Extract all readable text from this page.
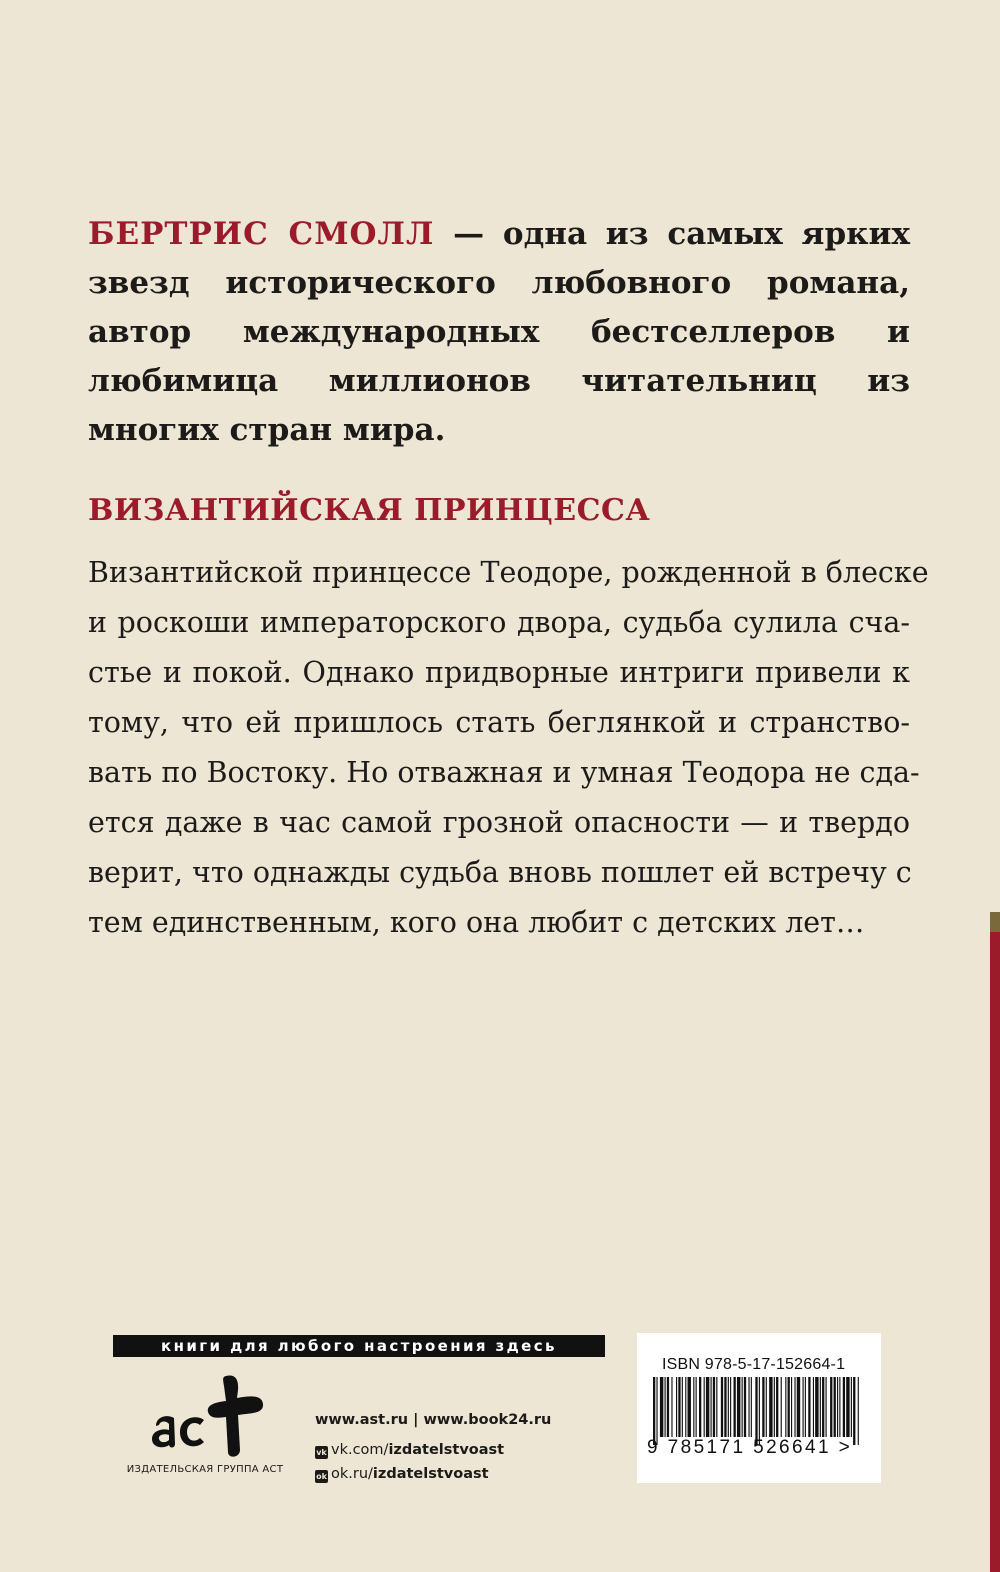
БЕРТРИС СМОЛЛ — одна из самых ярких звезд исторического любовного романа, автор международных бестселлеров и любимица миллионов читательниц из многих стран мира.

ВИЗАНТИЙСКАЯ ПРИНЦЕССА

Византийской принцессе Теодоре, рожденной в блеске
и роскоши императорского двора, судьба сулила сча-
стье и покой. Однако придворные интриги привели к
тому, что ей пришлось стать беглянкой и странство-
вать по Востоку. Но отважная и умная Теодора не сда-
ется даже в час самой грозной опасности — и твердо
верит, что однажды судьба вновь пошлет ей встречу с
тем единственным, кого она любит с детских лет…

книги для любого настроения здесь
ИЗДАТЕЛЬСКАЯ ГРУППА АСТ
www.ast.ru | www.book24.ru
vk vk.com/izdatelstvoast
ok ok.ru/izdatelstvoast
ISBN 978-5-17-152664-1
9 785171 526641 >
